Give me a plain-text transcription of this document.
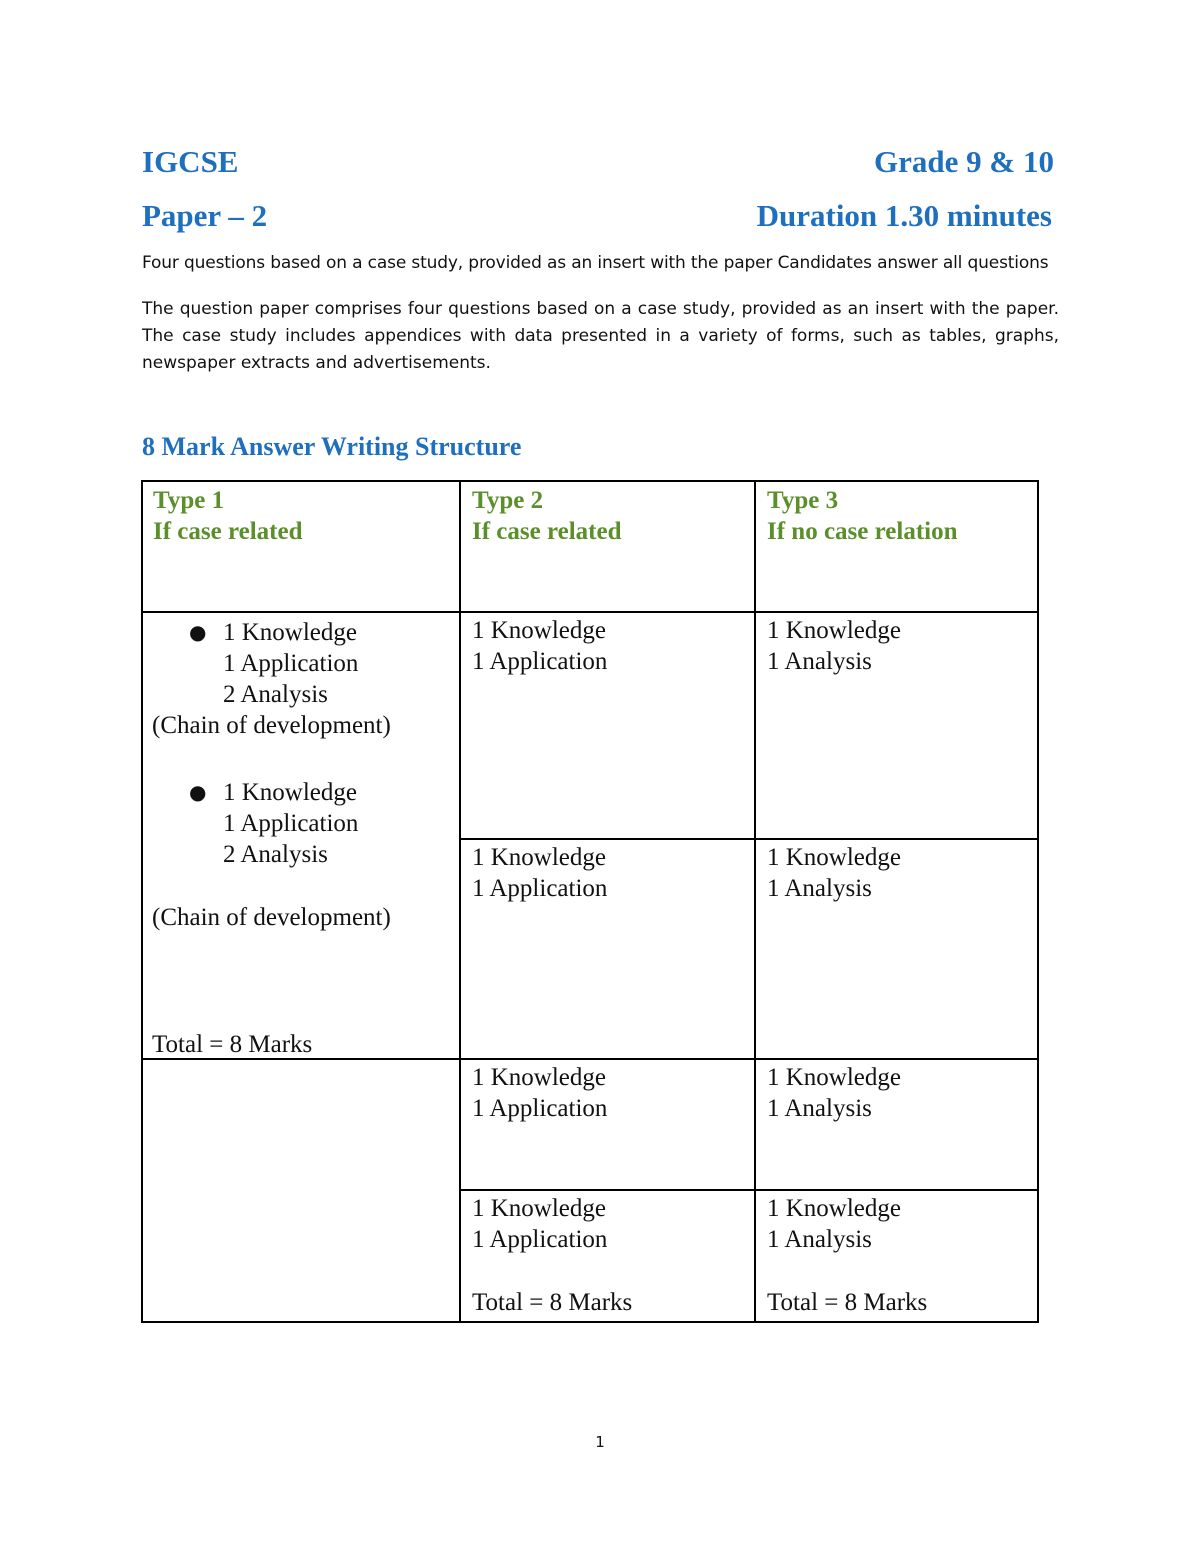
IGCSE	Grade 9 & 10
Paper – 2	Duration 1.30 minutes
Four questions based on a case study, provided as an insert with the paper Candidates answer all questions
The question paper comprises four questions based on a case study, provided as an insert with the paper. The case study includes appendices with data presented in a variety of forms, such as tables, graphs, newspaper extracts and advertisements.
8 Mark Answer Writing Structure
Type 1
If case related
Type 2
If case related
Type 3
If no case relation
● 1 Knowledge
1 Application
2 Analysis
(Chain of development)
● 1 Knowledge
1 Application
2 Analysis
(Chain of development)
Total = 8 Marks
1 Knowledge
1 Application
1 Knowledge
1 Application
1 Knowledge
1 Application
1 Knowledge
1 Application
Total = 8 Marks
1 Knowledge
1 Analysis
1 Knowledge
1 Analysis
1 Knowledge
1 Analysis
1 Knowledge
1 Analysis
Total = 8 Marks
1
